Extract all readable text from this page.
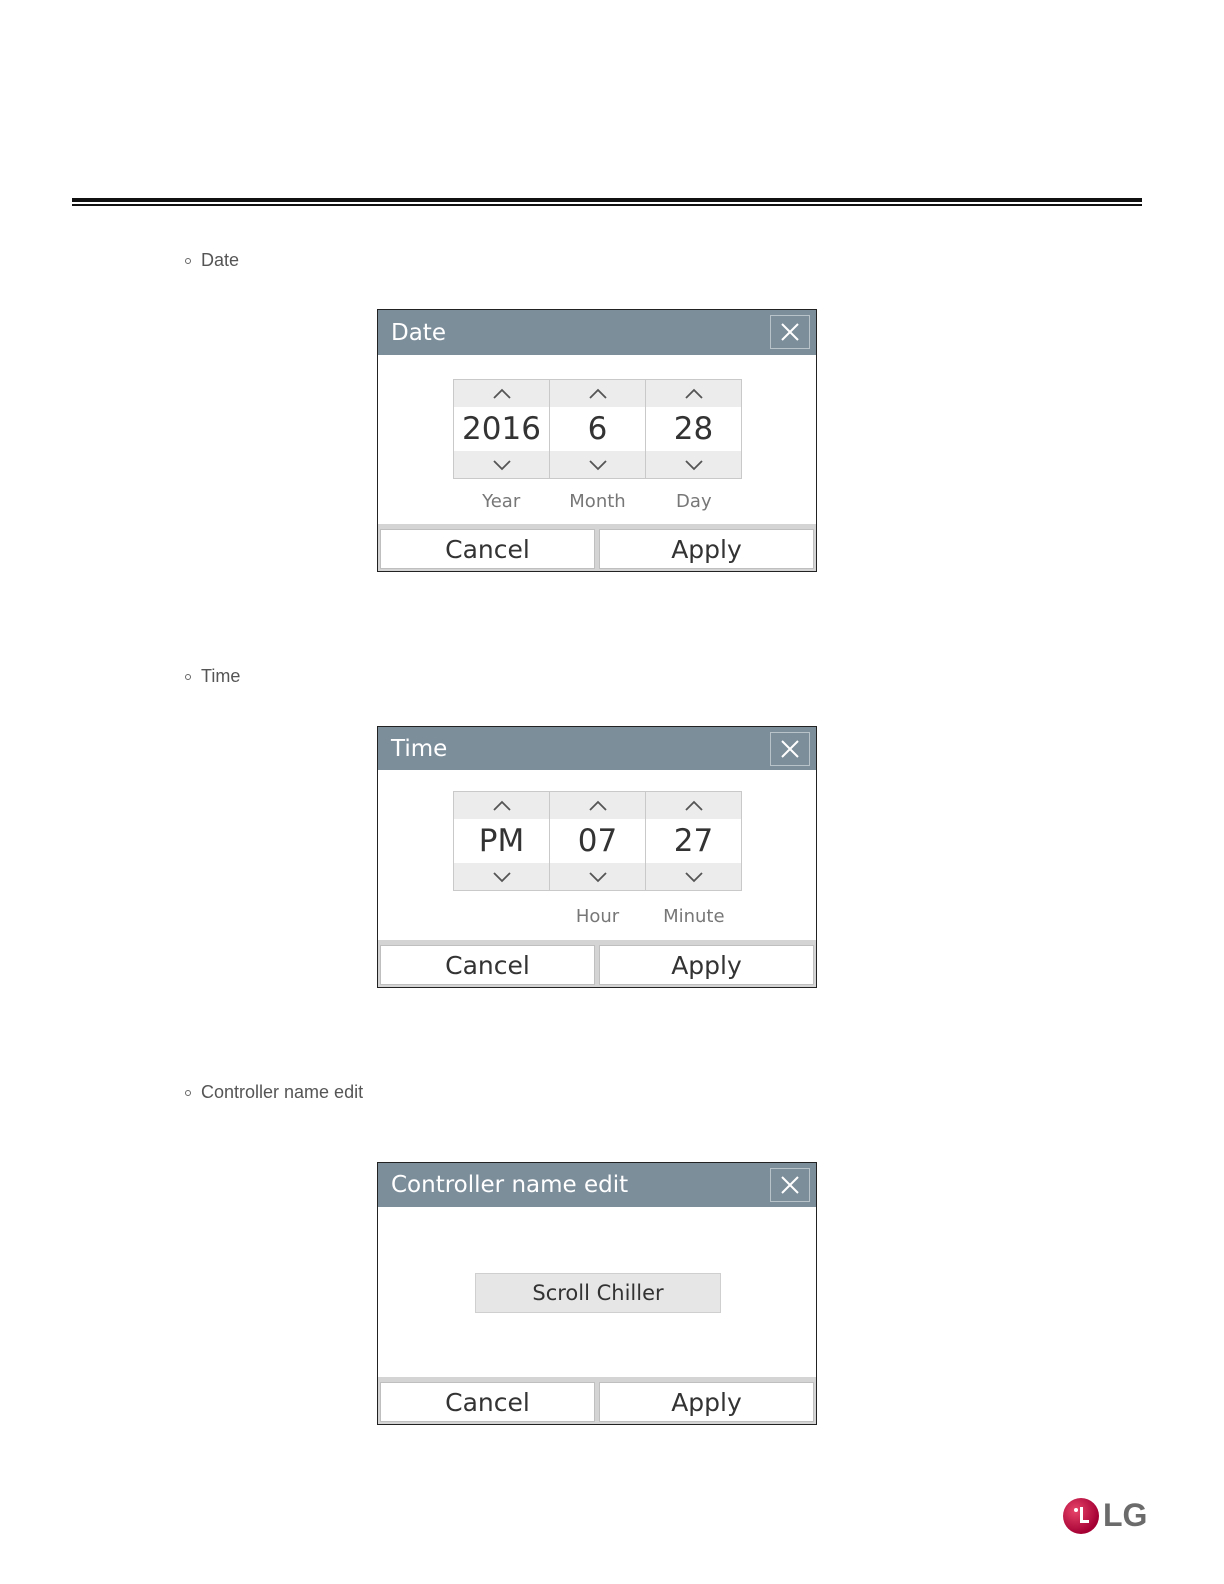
Date
Date
2016	6	28
Year	Month	Day
Cancel	Apply
Time
Time
PM	07	27
Hour	Minute
Cancel	Apply
Controller name edit
Controller name edit
Scroll Chiller
Cancel	Apply
LG
